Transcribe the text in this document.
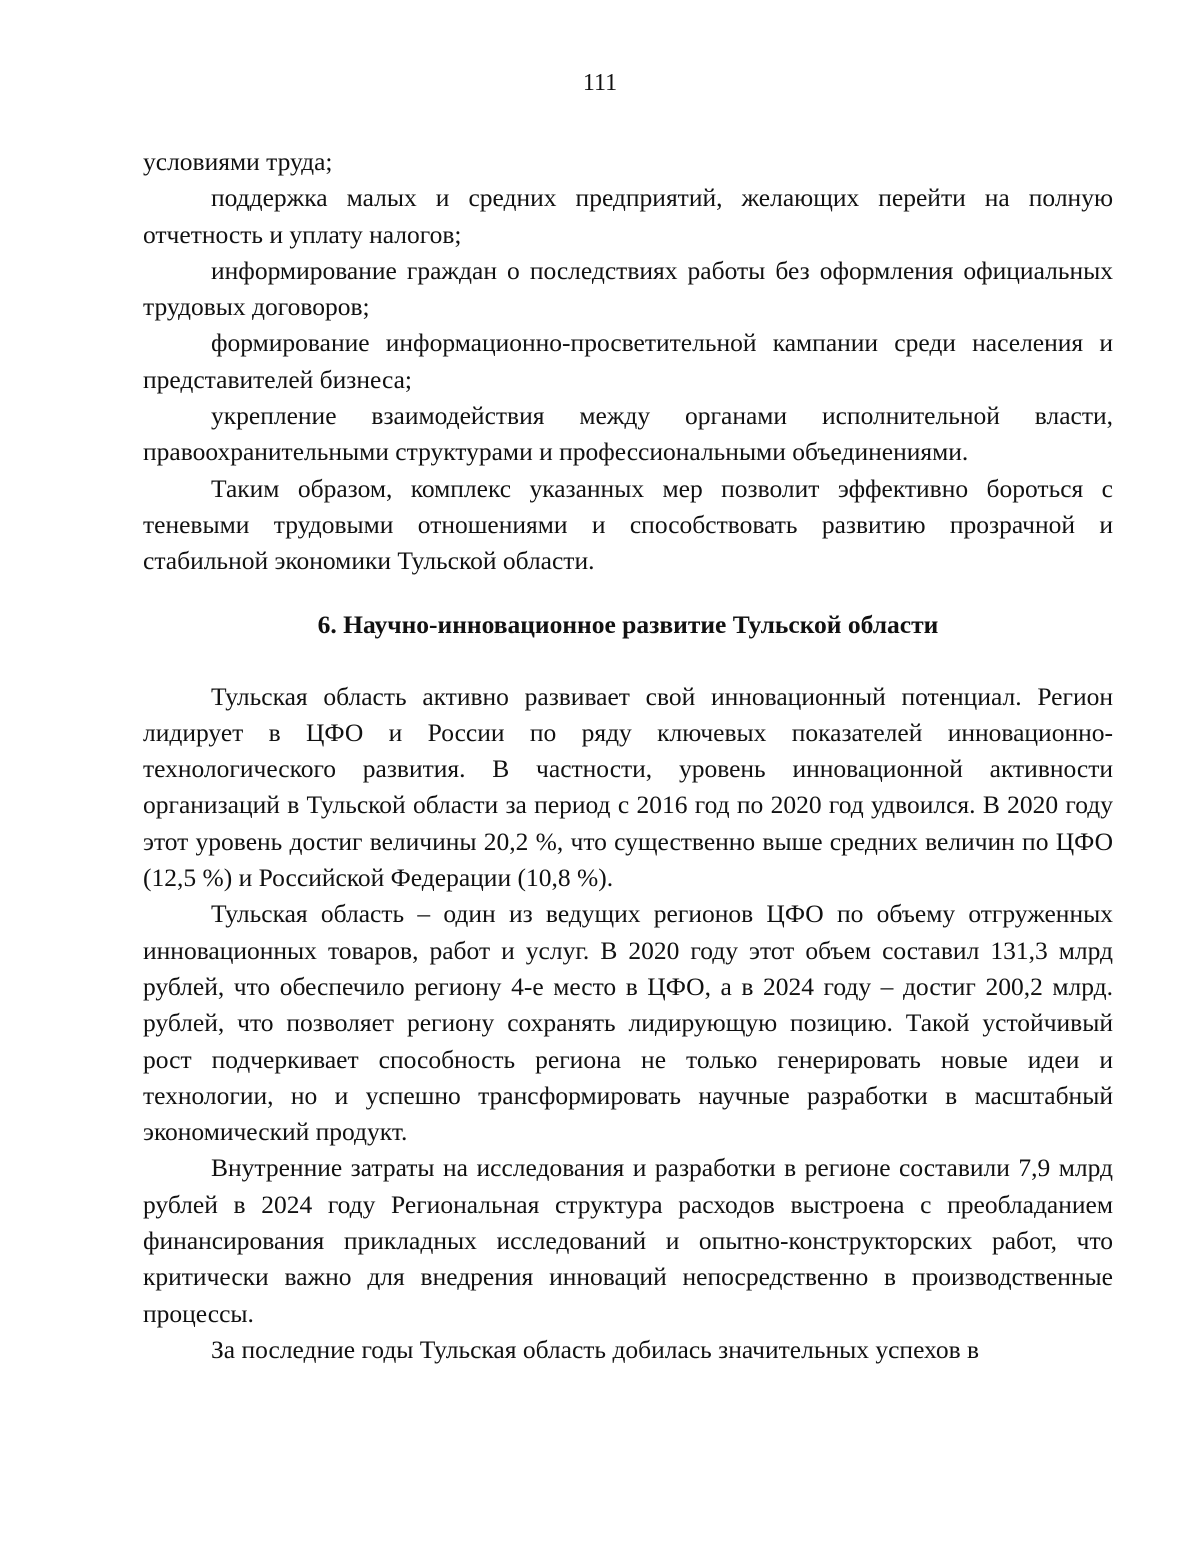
111

условиями труда;

поддержка малых и средних предприятий, желающих перейти на полную отчетность и уплату налогов;

информирование граждан о последствиях работы без оформления официальных трудовых договоров;

формирование информационно-просветительной кампании среди населения и представителей бизнеса;

укрепление взаимодействия между органами исполнительной власти, правоохранительными структурами и профессиональными объединениями.

Таким образом, комплекс указанных мер позволит эффективно бороться с теневыми трудовыми отношениями и способствовать развитию прозрачной и стабильной экономики Тульской области.

6. Научно-инновационное развитие Тульской области

Тульская область активно развивает свой инновационный потенциал. Регион лидирует в ЦФО и России по ряду ключевых показателей инновационно-технологического развития. В частности, уровень инновационной активности организаций в Тульской области за период с 2016 год по 2020 год удвоился. В 2020 году этот уровень достиг величины 20,2 %, что существенно выше средних величин по ЦФО (12,5 %) и Российской Федерации (10,8 %).

Тульская область – один из ведущих регионов ЦФО по объему отгруженных инновационных товаров, работ и услуг. В 2020 году этот объем составил 131,3 млрд рублей, что обеспечило региону 4-е место в ЦФО, а в 2024 году – достиг 200,2 млрд. рублей, что позволяет региону сохранять лидирующую позицию. Такой устойчивый рост подчеркивает способность региона не только генерировать новые идеи и технологии, но и успешно трансформировать научные разработки в масштабный экономический продукт.

Внутренние затраты на исследования и разработки в регионе составили 7,9 млрд рублей в 2024 году Региональная структура расходов выстроена с преобладанием финансирования прикладных исследований и опытно-конструкторских работ, что критически важно для внедрения инноваций непосредственно в производственные процессы.

За последние годы Тульская область добилась значительных успехов в
